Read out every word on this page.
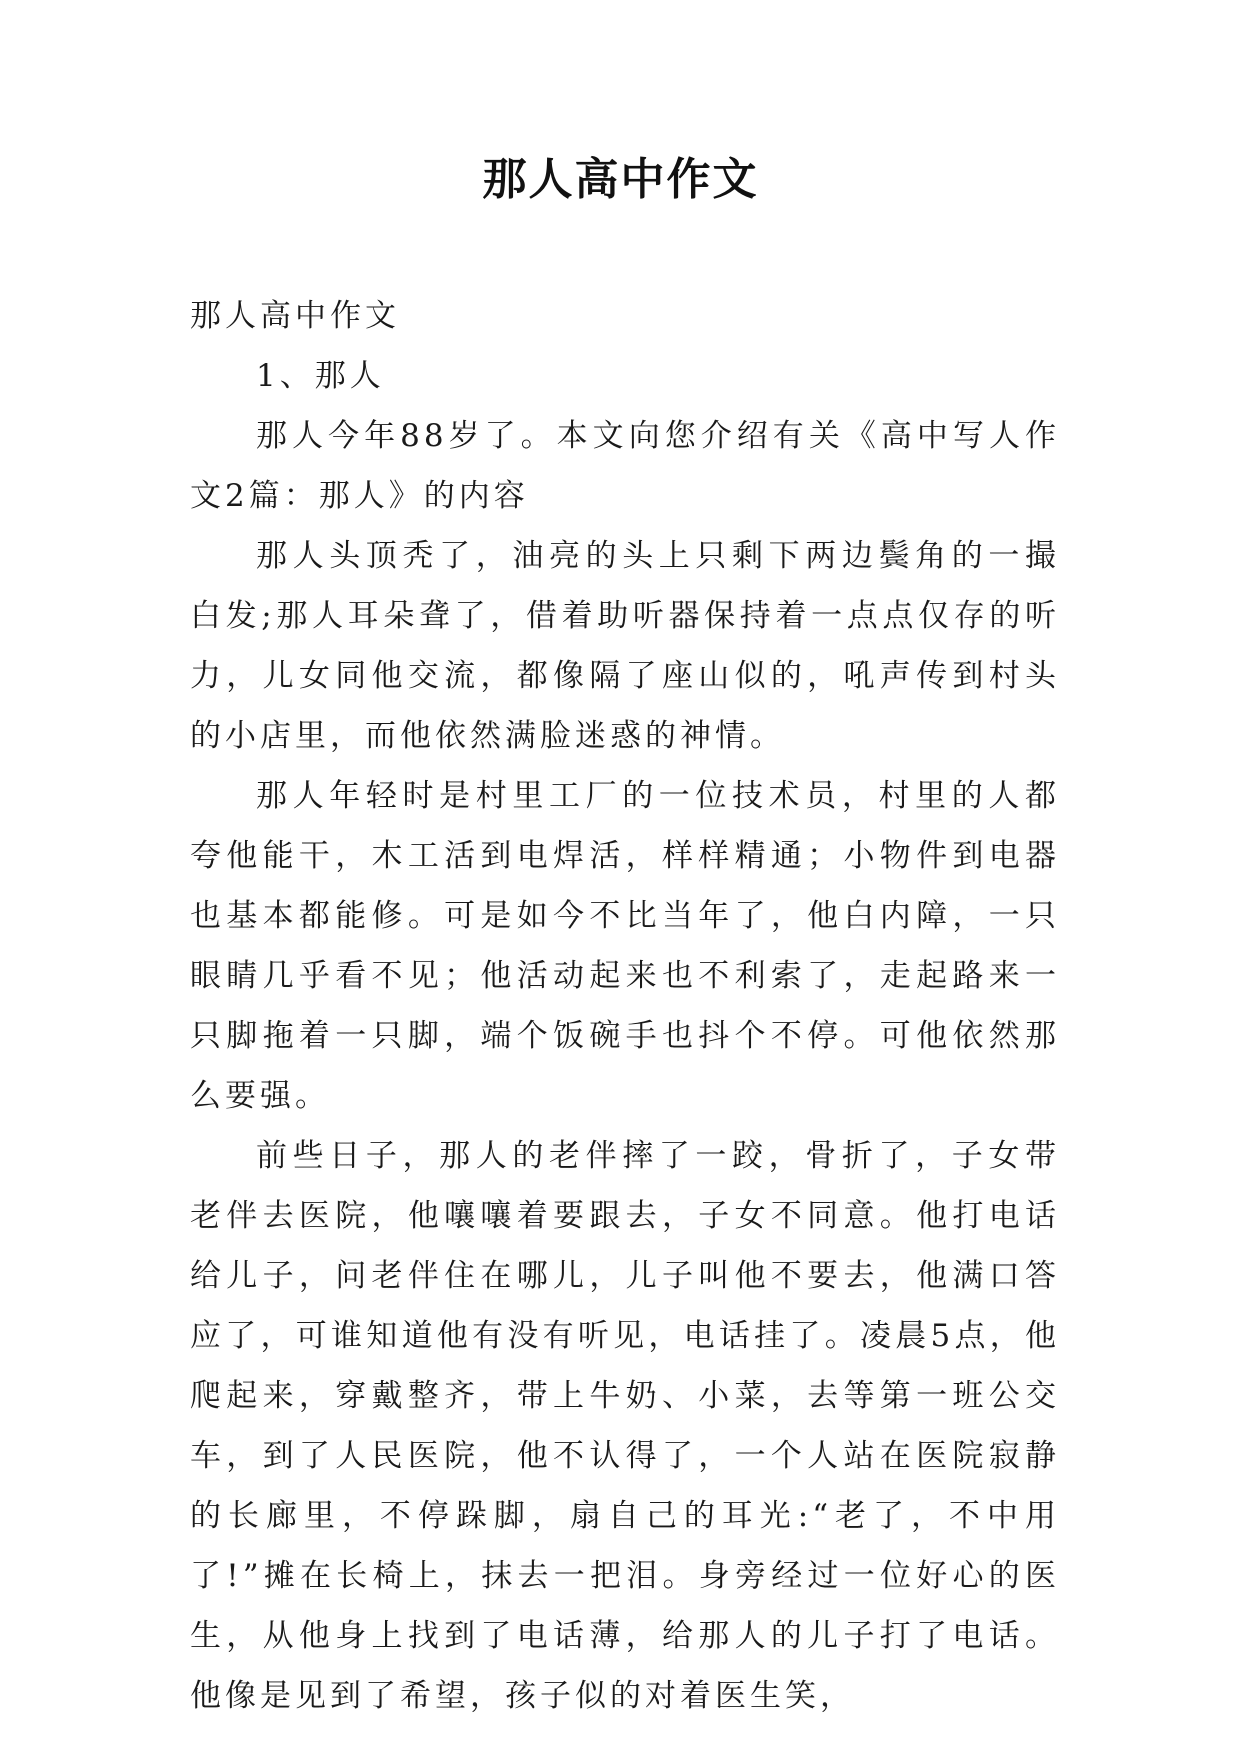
那人高中作文

那人高中作文

1、那人

那人今年88岁了。本文向您介绍有关《高中写人作文2篇：那人》的内容

那人头顶秃了，油亮的头上只剩下两边鬓角的一撮白发;那人耳朵聋了，借着助听器保持着一点点仅存的听力，儿女同他交流，都像隔了座山似的，吼声传到村头的小店里，而他依然满脸迷惑的神情。

那人年轻时是村里工厂的一位技术员，村里的人都夸他能干，木工活到电焊活，样样精通；小物件到电器也基本都能修。可是如今不比当年了，他白内障，一只眼睛几乎看不见；他活动起来也不利索了，走起路来一只脚拖着一只脚，端个饭碗手也抖个不停。可他依然那么要强。

前些日子，那人的老伴摔了一跤，骨折了，子女带老伴去医院，他嚷嚷着要跟去，子女不同意。他打电话给儿子，问老伴住在哪儿，儿子叫他不要去，他满口答应了，可谁知道他有没有听见，电话挂了。凌晨5点，他爬起来，穿戴整齐，带上牛奶、小菜，去等第一班公交车，到了人民医院，他不认得了，一个人站在医院寂静的长廊里，不停跺脚，扇自己的耳光:“老了，不中用了!”摊在长椅上，抹去一把泪。身旁经过一位好心的医生，从他身上找到了电话薄，给那人的儿子打了电话。他像是见到了希望，孩子似的对着医生笑，
